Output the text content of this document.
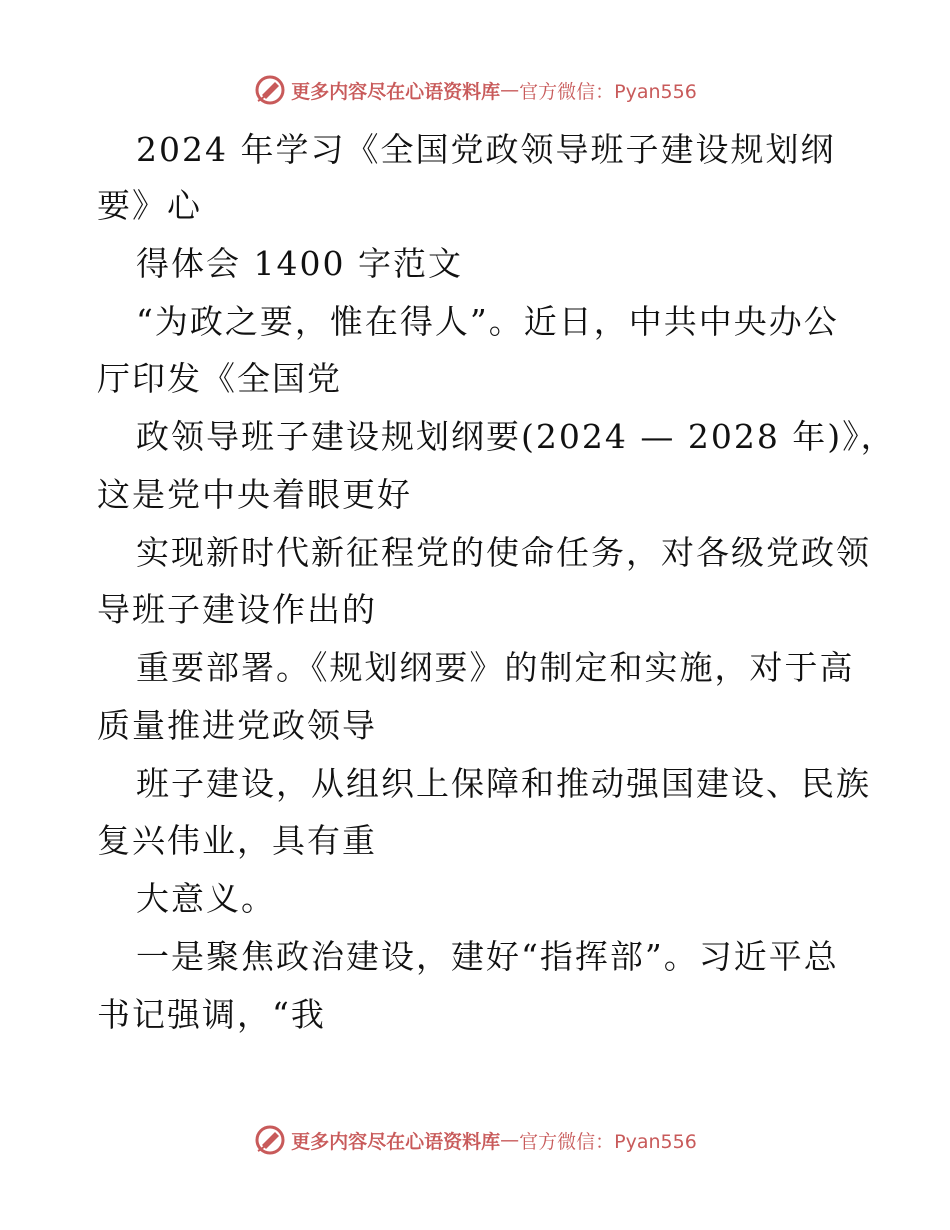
更多内容尽在心语资料库 — 官方微信：Pyan556
2024 年学习《全国党政领导班子建设规划纲
要》心
得体会 1400 字范文
“为政之要，惟在得人”。近日，中共中央办公
厅印发《全国党
政领导班子建设规划纲要(2024 — 2028 年)》，
这是党中央着眼更好
实现新时代新征程党的使命任务，对各级党政领
导班子建设作出的
重要部署。《规划纲要》的制定和实施，对于高
质量推进党政领导
班子建设，从组织上保障和推动强国建设、民族
复兴伟业，具有重
大意义。
一是聚焦政治建设，建好“指挥部”。习近平总
书记强调，“我
更多内容尽在心语资料库 — 官方微信：Pyan556
